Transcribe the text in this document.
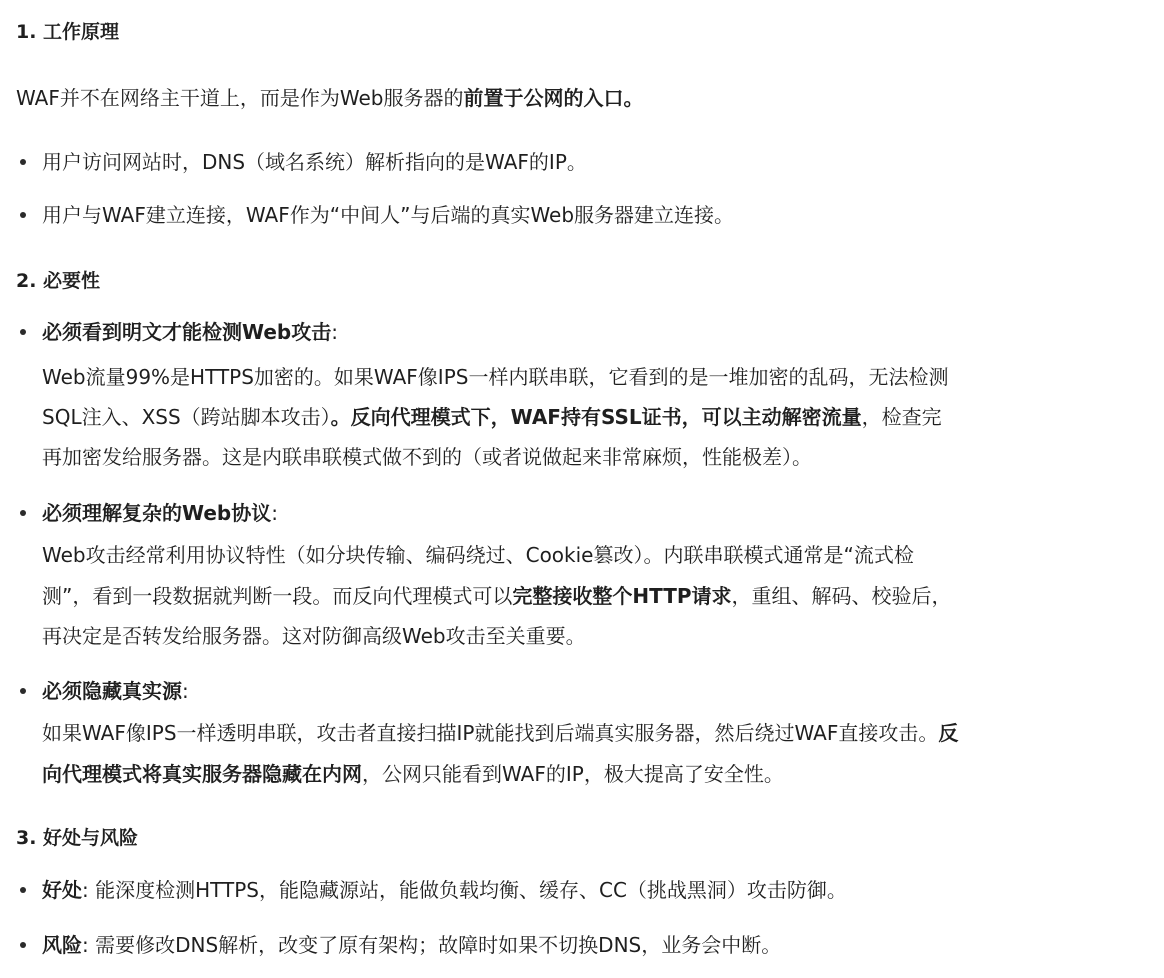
1. 工作原理
WAF并不在网络主干道上，而是作为Web服务器的前置于公网的入口。
用户访问网站时，DNS（域名系统）解析指向的是WAF的IP。
用户与WAF建立连接，WAF作为“中间人”与后端的真实Web服务器建立连接。
2. 必要性
必须看到明文才能检测Web攻击:
Web流量99%是HTTPS加密的。如果WAF像IPS一样内联串联，它看到的是一堆加密的乱码，无法检测
SQL注入、XSS（跨站脚本攻击）。反向代理模式下，WAF持有SSL证书，可以主动解密流量，检查完
再加密发给服务器。这是内联串联模式做不到的（或者说做起来非常麻烦，性能极差）。
必须理解复杂的Web协议:
Web攻击经常利用协议特性（如分块传输、编码绕过、Cookie篡改）。内联串联模式通常是“流式检
测”，看到一段数据就判断一段。而反向代理模式可以完整接收整个HTTP请求，重组、解码、校验后，
再决定是否转发给服务器。这对防御高级Web攻击至关重要。
必须隐藏真实源:
如果WAF像IPS一样透明串联，攻击者直接扫描IP就能找到后端真实服务器，然后绕过WAF直接攻击。反
向代理模式将真实服务器隐藏在内网，公网只能看到WAF的IP，极大提高了安全性。
3. 好处与风险
好处: 能深度检测HTTPS，能隐藏源站，能做负载均衡、缓存、CC（挑战黑洞）攻击防御。
风险: 需要修改DNS解析，改变了原有架构；故障时如果不切换DNS，业务会中断。
